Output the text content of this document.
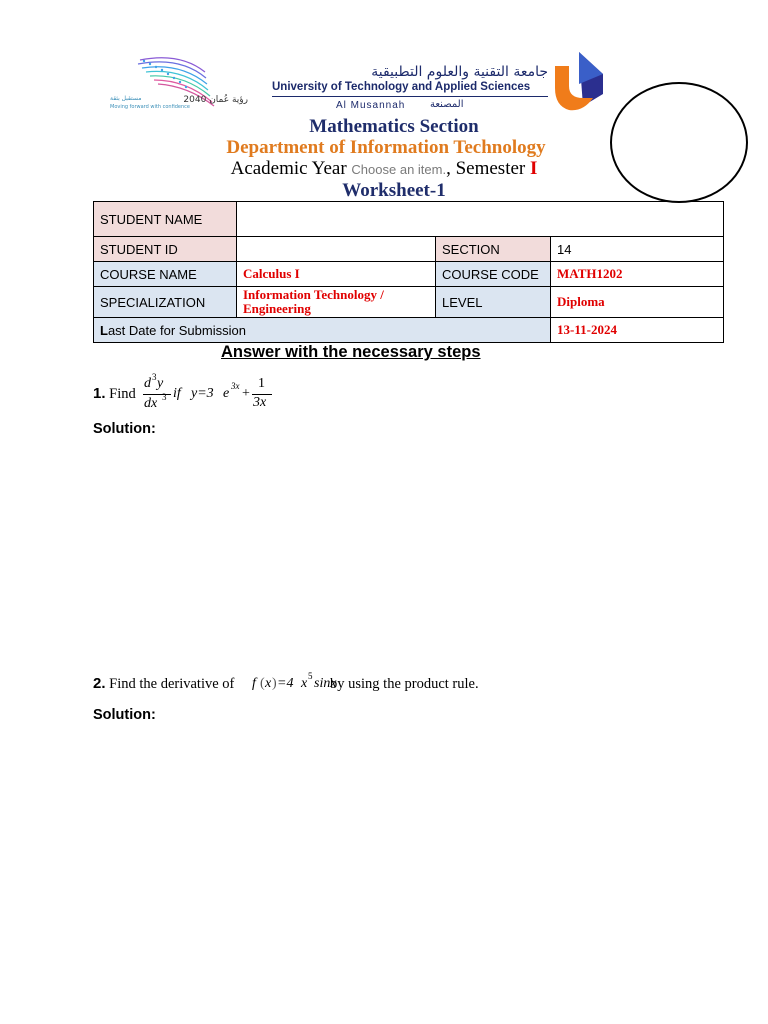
مستقبل بثقة
Moving forward with confidence
رؤية عُمان 2040
جامعة التقنية والعلوم التطبيقية
University of Technology and Applied Sciences
Al Musannah المصنعة
Mathematics Section
Department of Information Technology
Academic Year Choose an item., Semester I
Worksheet-1
STUDENT NAME			
STUDENT ID		SECTION	14
COURSE NAME	Calculus I	COURSE CODE	MATH1202
SPECIALIZATION	Information Technology / Engineering	LEVEL	Diploma
Last Date for Submission			13-11-2024
Answer with the necessary steps
1. Find
d 3 y
dx 3 if y=3 e 3x +
1
3x
Solution:
2. Find the derivative of	by using the product rule.
f ( x ) =4 x 5 sinx
Solution:
